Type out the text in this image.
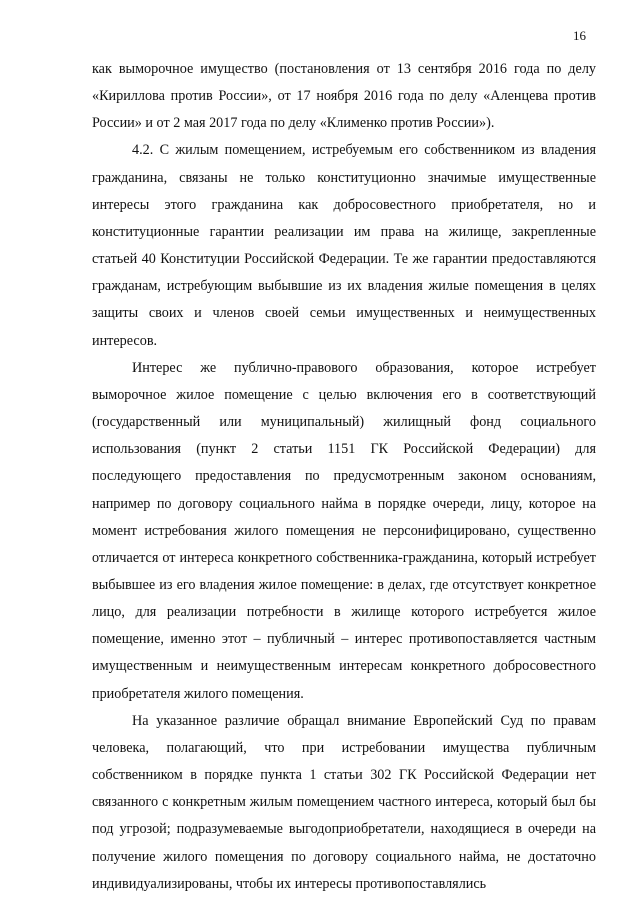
16

как выморочное имущество (постановления от 13 сентября 2016 года по делу «Кириллова против России», от 17 ноября 2016 года по делу «Аленцева против России» и от 2 мая 2017 года по делу «Клименко против России»).

4.2. С жилым помещением, истребуемым его собственником из владения гражданина, связаны не только конституционно значимые имущественные интересы этого гражданина как добросовестного приобретателя, но и конституционные гарантии реализации им права на жилище, закрепленные статьей 40 Конституции Российской Федерации. Те же гарантии предоставляются гражданам, истребующим выбывшие из их владения жилые помещения в целях защиты своих и членов своей семьи имущественных и неимущественных интересов.

Интерес же публично-правового образования, которое истребует выморочное жилое помещение с целью включения его в соответствующий (государственный или муниципальный) жилищный фонд социального использования (пункт 2 статьи 1151 ГК Российской Федерации) для последующего предоставления по предусмотренным законом основаниям, например по договору социального найма в порядке очереди, лицу, которое на момент истребования жилого помещения не персонифицировано, существенно отличается от интереса конкретного собственника-гражданина, который истребует выбывшее из его владения жилое помещение: в делах, где отсутствует конкретное лицо, для реализации потребности в жилище которого истребуется жилое помещение, именно этот – публичный – интерес противопоставляется частным имущественным и неимущественным интересам конкретного добросовестного приобретателя жилого помещения.

На указанное различие обращал внимание Европейский Суд по правам человека, полагающий, что при истребовании имущества публичным собственником в порядке пункта 1 статьи 302 ГК Российской Федерации нет связанного с конкретным жилым помещением частного интереса, который был бы под угрозой; подразумеваемые выгодоприобретатели, находящиеся в очереди на получение жилого помещения по договору социального найма, не достаточно индивидуализированы, чтобы их интересы противопоставлялись
